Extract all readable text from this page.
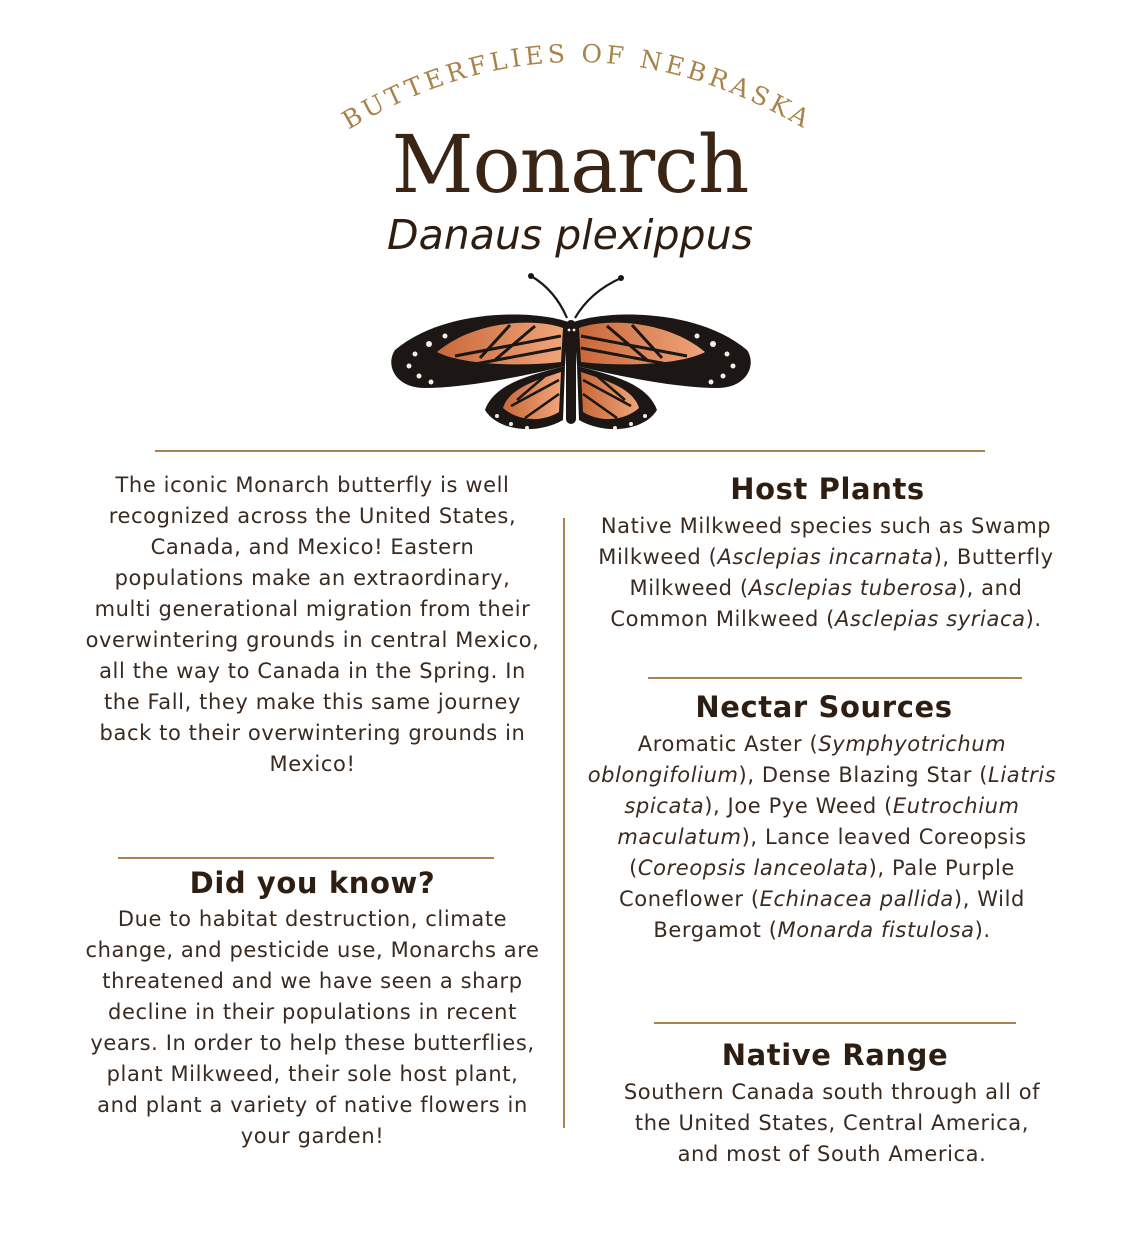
BUTTERFLIES OF NEBRASKA
Monarch
Danaus plexippus

The iconic Monarch butterfly is well recognized across the United States, Canada, and Mexico! Eastern populations make an extraordinary, multi generational migration from their overwintering grounds in central Mexico, all the way to Canada in the Spring. In the Fall, they make this same journey back to their overwintering grounds in Mexico!

Did you know?

Due to habitat destruction, climate change, and pesticide use, Monarchs are threatened and we have seen a sharp decline in their populations in recent years. In order to help these butterflies, plant Milkweed, their sole host plant, and plant a variety of native flowers in your garden!

Host Plants

Native Milkweed species such as Swamp Milkweed (Asclepias incarnata), Butterfly Milkweed (Asclepias tuberosa), and Common Milkweed (Asclepias syriaca).

Nectar Sources

Aromatic Aster (Symphyotrichum oblongifolium), Dense Blazing Star (Liatris spicata), Joe Pye Weed (Eutrochium maculatum), Lance leaved Coreopsis (Coreopsis lanceolata), Pale Purple Coneflower (Echinacea pallida), Wild Bergamot (Monarda fistulosa).

Native Range

Southern Canada south through all of the United States, Central America, and most of South America.
